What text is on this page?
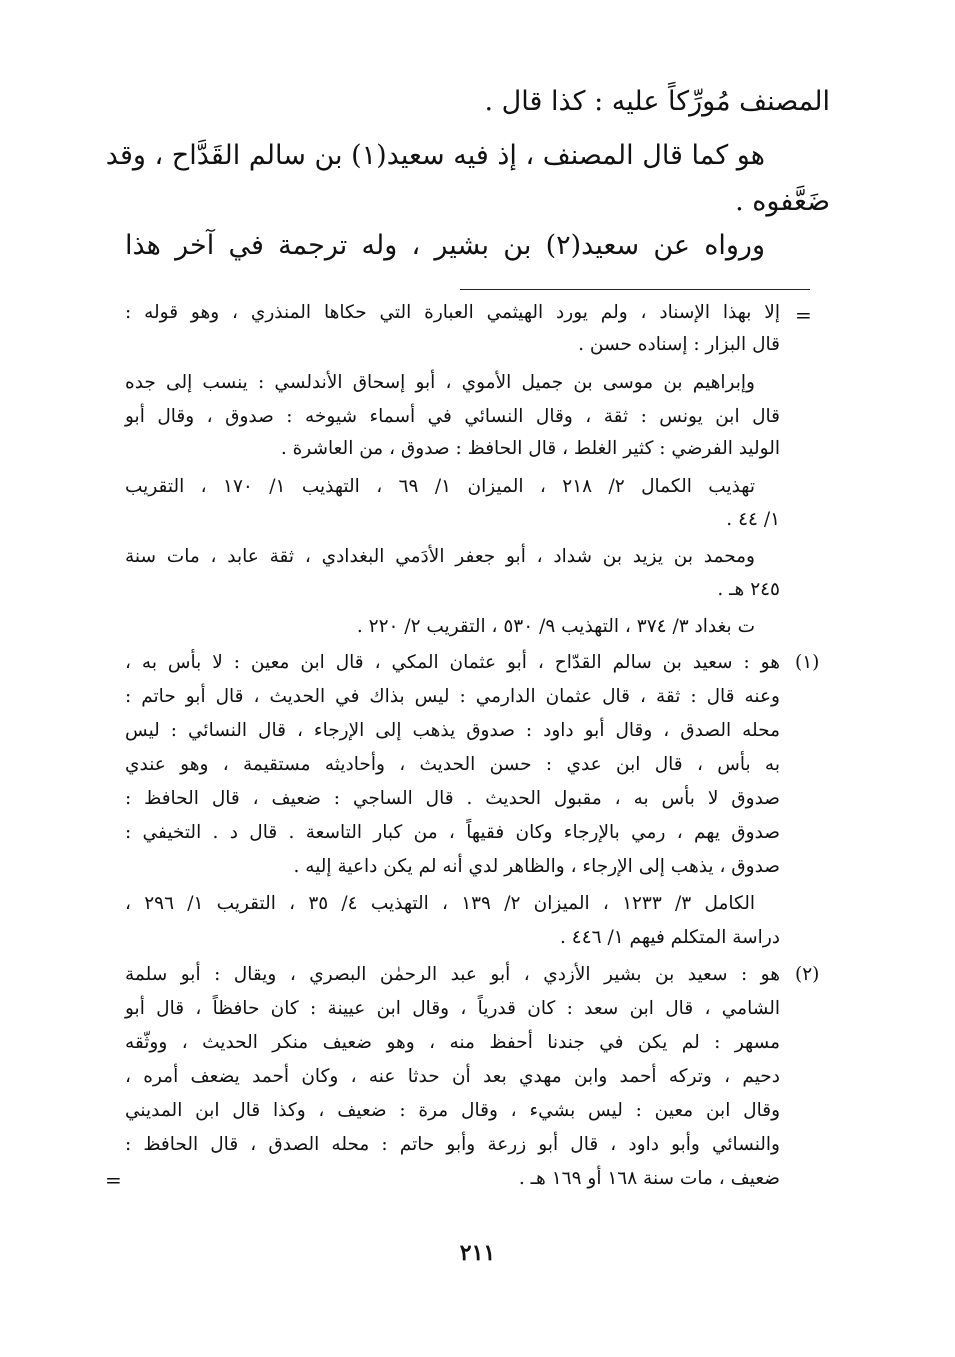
المصنف مُورِّكاً عليه : كذا قال .
هو كما قال المصنف ، إذ فيه سعيد(١) بن سالم القَدَّاح ، وقد
ضَعَّفوه .
ورواه عن سعيد(٢) بن بشير ، وله ترجمة في آخر هذا
=
إلا بهذا الإسناد ، ولم يورد الهيثمي العبارة التي حكاها المنذري ، وهو قوله :
قال البزار : إسناده حسن .
وإبراهيم بن موسى بن جميل الأموي ، أبو إسحاق الأندلسي : ينسب إلى جده
قال ابن يونس : ثقة ، وقال النسائي في أسماء شيوخه : صدوق ، وقال أبو
الوليد الفرضي : كثير الغلط ، قال الحافظ : صدوق ، من العاشرة .
تهذيب الكمال ٢/ ٢١٨ ، الميزان ١/ ٦٩ ، التهذيب ١/ ١٧٠ ، التقريب
١/ ٤٤ .
ومحمد بن يزيد بن شداد ، أبو جعفر الأدَمي البغدادي ، ثقة عابد ، مات سنة
٢٤٥ هـ .
ت بغداد ٣/ ٣٧٤ ، التهذيب ٩/ ٥٣٠ ، التقريب ٢/ ٢٢٠ .
(١)
هو : سعيد بن سالم القدّاح ، أبو عثمان المكي ، قال ابن معين : لا بأس به ،
وعنه قال : ثقة ، قال عثمان الدارمي : ليس بذاك في الحديث ، قال أبو حاتم :
محله الصدق ، وقال أبو داود : صدوق يذهب إلى الإرجاء ، قال النسائي : ليس
به بأس ، قال ابن عدي : حسن الحديث ، وأحاديثه مستقيمة ، وهو عندي
صدوق لا بأس به ، مقبول الحديث . قال الساجي : ضعيف ، قال الحافظ :
صدوق يهم ، رمي بالإرجاء وكان فقيهاً ، من كبار التاسعة . قال د . التخيفي :
صدوق ، يذهب إلى الإرجاء ، والظاهر لدي أنه لم يكن داعية إليه .
الكامل ٣/ ١٢٣٣ ، الميزان ٢/ ١٣٩ ، التهذيب ٤/ ٣٥ ، التقريب ١/ ٢٩٦ ،
دراسة المتكلم فيهم ١/ ٤٤٦ .
(٢)
هو : سعيد بن بشير الأزدي ، أبو عبد الرحمٰن البصري ، ويقال : أبو سلمة
الشامي ، قال ابن سعد : كان قدرياً ، وقال ابن عيينة : كان حافظاً ، قال أبو
مسهر : لم يكن في جندنا أحفظ منه ، وهو ضعيف منكر الحديث ، ووثّقه
دحيم ، وتركه أحمد وابن مهدي بعد أن حدثا عنه ، وكان أحمد يضعف أمره ،
وقال ابن معين : ليس بشيء ، وقال مرة : ضعيف ، وكذا قال ابن المديني
والنسائي وأبو داود ، قال أبو زرعة وأبو حاتم : محله الصدق ، قال الحافظ :
ضعيف ، مات سنة ١٦٨ أو ١٦٩ هـ .
=
٢١١
